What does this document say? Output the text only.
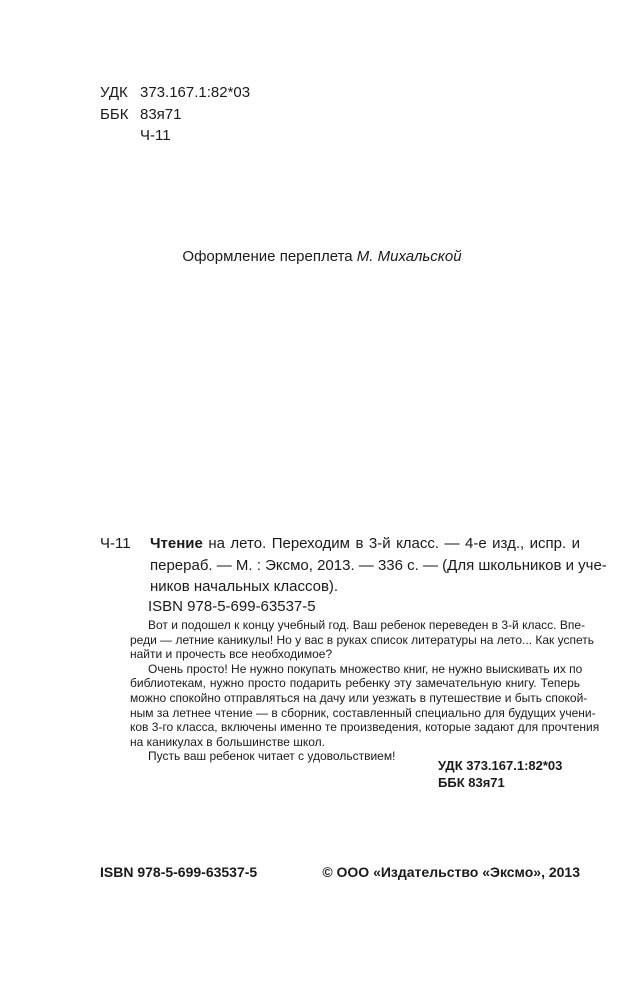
УДК 373.167.1:82*03
ББК 83я71
Ч-11
Оформление переплета М. Михальской
Ч-11 Чтение на лето. Переходим в 3-й класс. — 4-е изд., испр. и
перераб. — М. : Эксмо, 2013. — 336 с. — (Для школьников и уче-
ников начальных классов).
ISBN 978-5-699-63537-5
Вот и подошел к концу учебный год. Ваш ребенок переведен в 3-й класс. Впе-
реди — летние каникулы! Но у вас в руках список литературы на лето... Как успеть
найти и прочесть все необходимое?
Очень просто! Не нужно покупать множество книг, не нужно выискивать их по
библиотекам, нужно просто подарить ребенку эту замечательную книгу. Теперь
можно спокойно отправляться на дачу или уезжать в путешествие и быть спокой-
ным за летнее чтение — в сборник, составленный специально для будущих учени-
ков 3-го класса, включены именно те произведения, которые задают для прочтения
на каникулах в большинстве школ.
Пусть ваш ребенок читает с удовольствием!
УДК 373.167.1:82*03
ББК 83я71
ISBN 978-5-699-63537-5	© ООО «Издательство «Эксмо», 2013
